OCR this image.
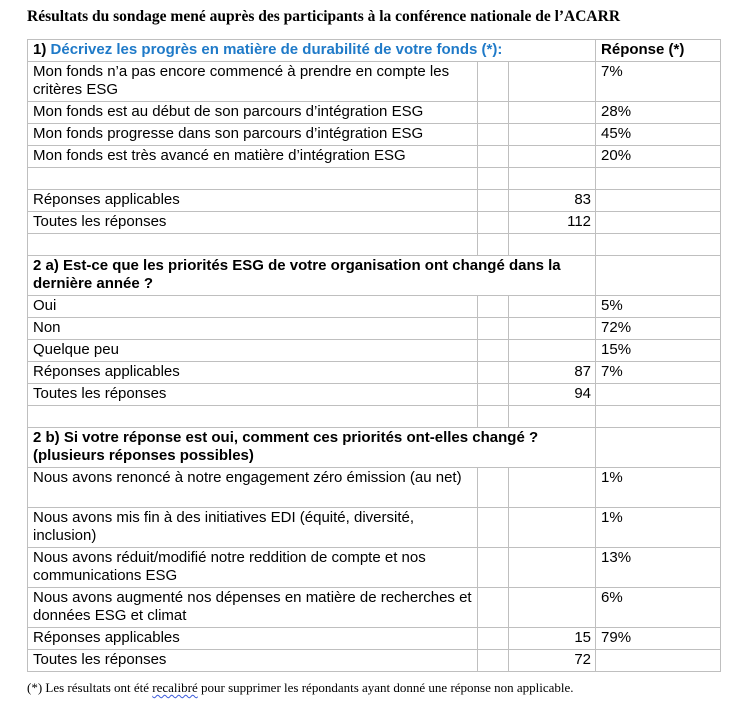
Résultats du sondage mené auprès des participants à la conférence nationale de l’ACARR
1) Décrivez les progrès en matière de durabilité de votre fonds (*):			Réponse (*)
Mon fonds n’a pas encore commencé à prendre en compte les critères ESG			7%
Mon fonds est au début de son parcours d’intégration ESG			28%
Mon fonds progresse dans son parcours d’intégration ESG			45%
Mon fonds est très avancé en matière d’intégration ESG			20%

Réponses applicables		83	
Toutes les réponses		112	

2 a) Est-ce que les priorités ESG de votre organisation ont changé dans la dernière année ?			
Oui			5%
Non			72%
Quelque peu			15%
Réponses applicables		87	7%
Toutes les réponses		94	

2 b) Si votre réponse est oui, comment ces priorités ont-elles changé ? (plusieurs réponses possibles)			
Nous avons renoncé à notre engagement zéro émission (au net)			1%
Nous avons mis fin à des initiatives EDI (équité, diversité, inclusion)			1%
Nous avons réduit/modifié notre reddition de compte et nos communications ESG			13%
Nous avons augmenté nos dépenses en matière de recherches et données ESG et climat			6%
Réponses applicables		15	79%
Toutes les réponses		72	
(*) Les résultats ont été recalibré pour supprimer les répondants ayant donné une réponse non applicable.
